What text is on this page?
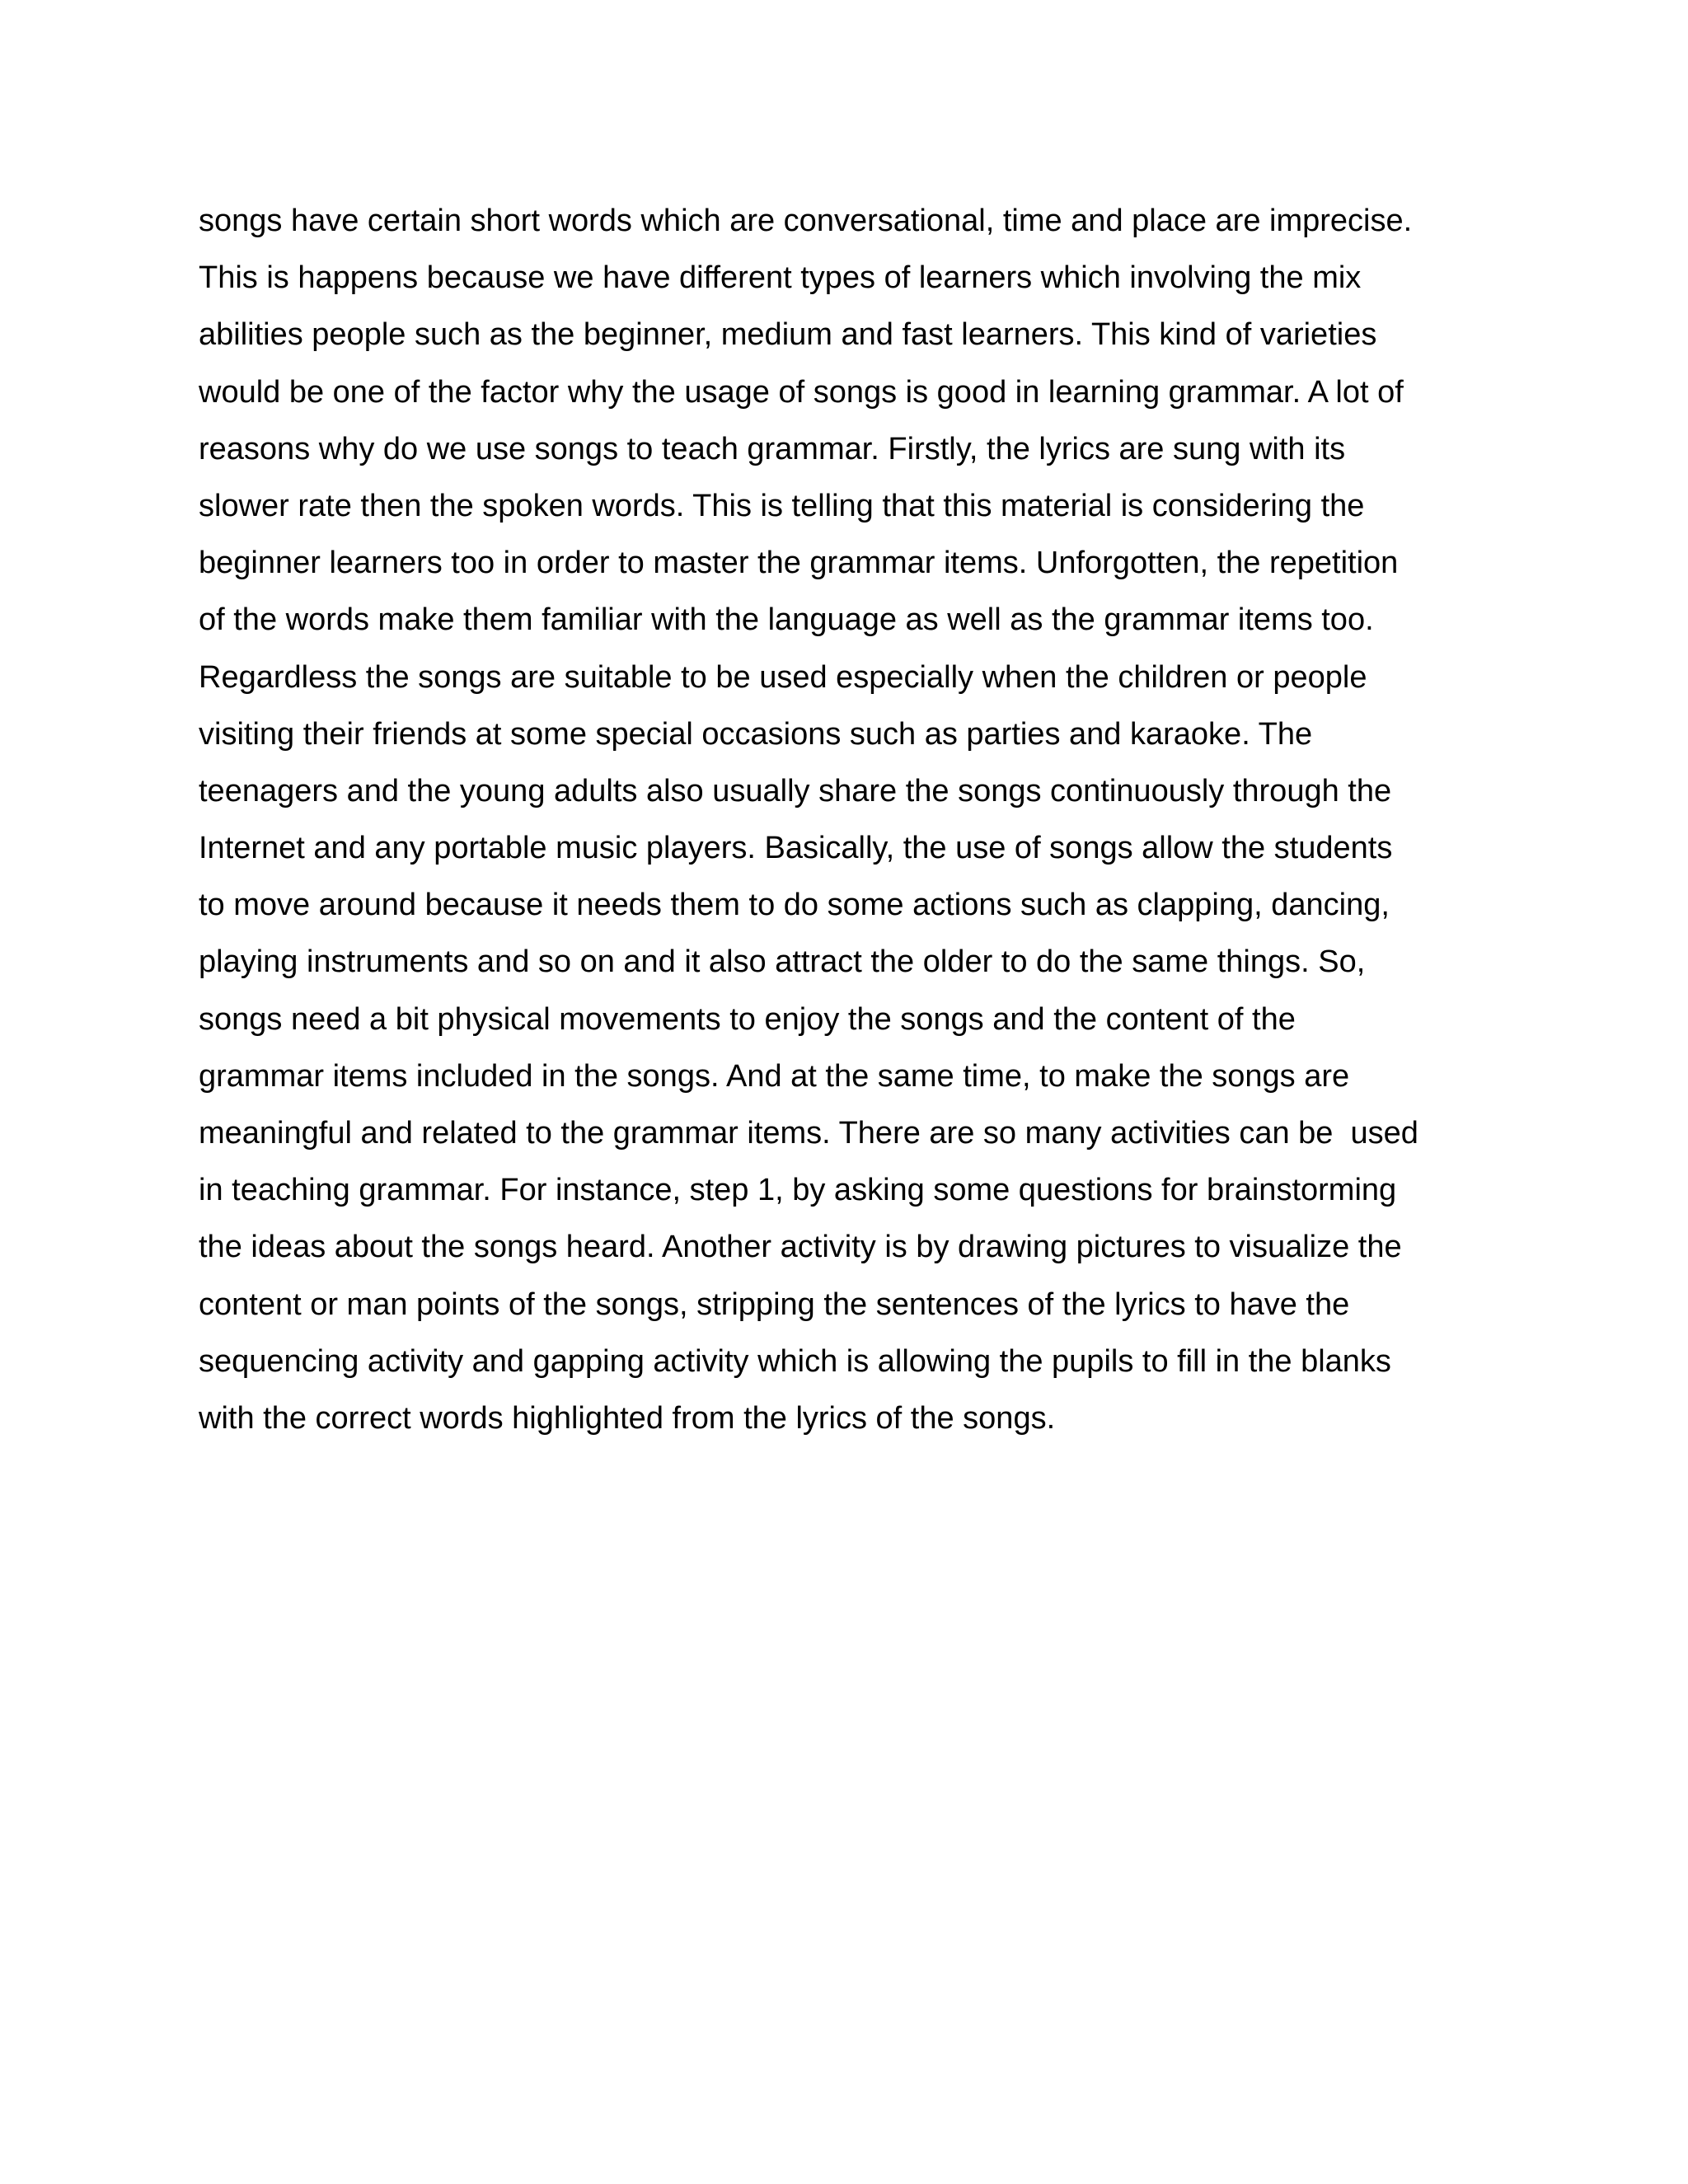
songs have certain short words which are conversational, time and place are imprecise.
This is happens because we have different types of learners which involving the mix
abilities people such as the beginner, medium and fast learners. This kind of varieties
would be one of the factor why the usage of songs is good in learning grammar. A lot of
reasons why do we use songs to teach grammar. Firstly, the lyrics are sung with its
slower rate then the spoken words. This is telling that this material is considering the
beginner learners too in order to master the grammar items. Unforgotten, the repetition
of the words make them familiar with the language as well as the grammar items too.
Regardless the songs are suitable to be used especially when the children or people
visiting their friends at some special occasions such as parties and karaoke. The
teenagers and the young adults also usually share the songs continuously through the
Internet and any portable music players. Basically, the use of songs allow the students
to move around because it needs them to do some actions such as clapping, dancing,
playing instruments and so on and it also attract the older to do the same things. So,
songs need a bit physical movements to enjoy the songs and the content of the
grammar items included in the songs. And at the same time, to make the songs are
meaningful and related to the grammar items. There are so many activities can be  used
in teaching grammar. For instance, step 1, by asking some questions for brainstorming
the ideas about the songs heard. Another activity is by drawing pictures to visualize the
content or man points of the songs, stripping the sentences of the lyrics to have the
sequencing activity and gapping activity which is allowing the pupils to fill in the blanks
with the correct words highlighted from the lyrics of the songs.
